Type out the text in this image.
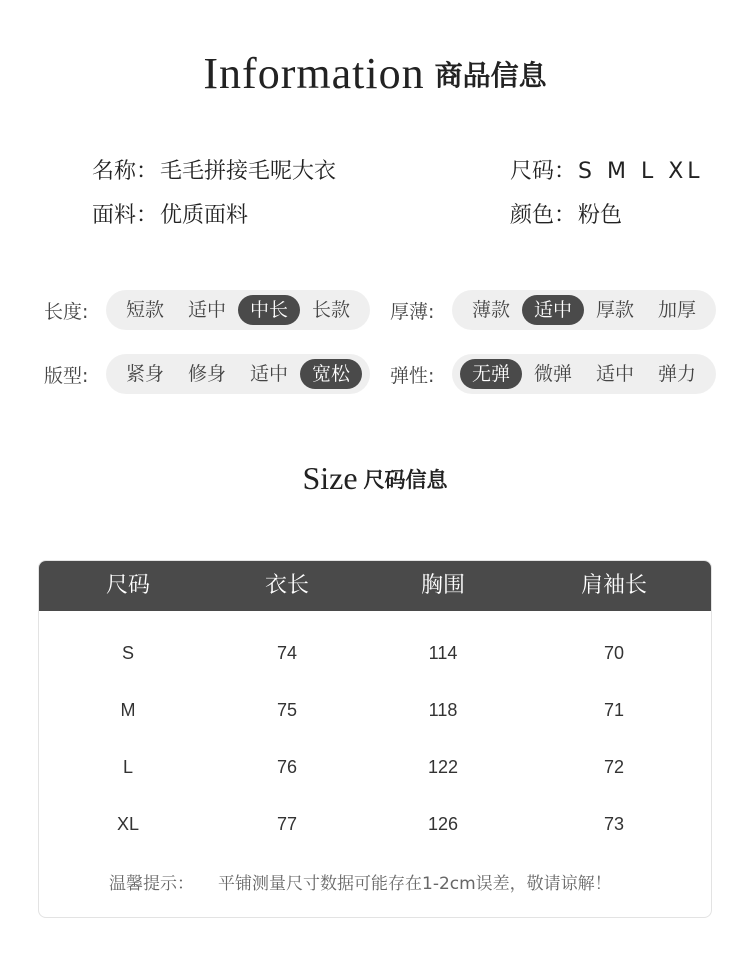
Information 商品信息
名称：毛毛拼接毛呢大衣	尺码：S M L XL
面料：优质面料	颜色：粉色
长度:	短款	适中	中长	长款	厚薄:	薄款	适中	厚款	加厚
版型:	紧身	修身	适中	宽松	弹性:	无弹	微弹	适中	弹力
Size 尺码信息
尺码	衣长	胸围	肩袖长
S	74	114	70
M	75	118	71
L	76	122	72
XL	77	126	73
温馨提示： 平铺测量尺寸数据可能存在1-2cm误差，敬请谅解！
